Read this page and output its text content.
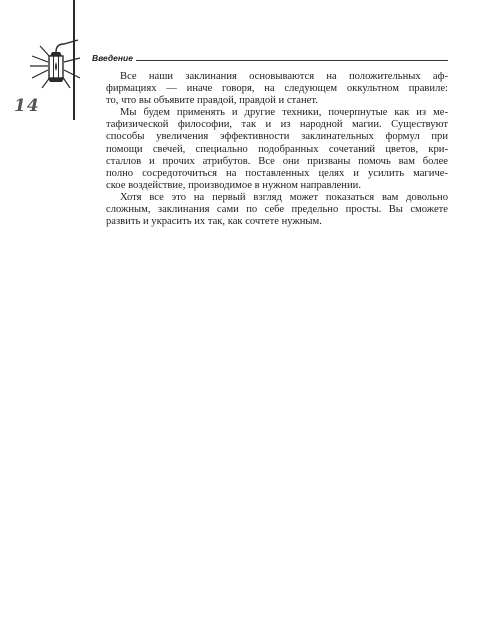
14
Введение
Все наши заклинания основываются на положительных аф-
фирмациях — иначе говоря, на следующем оккультном правиле:
то, что вы объявите правдой, правдой и станет.
Мы будем применять и другие техники, почерпнутые как из ме-
тафизической философии, так и из народной магии. Существуют
способы увеличения эффективности заклинательных формул при
помощи свечей, специально подобранных сочетаний цветов, кри-
сталлов и прочих атрибутов. Все они призваны помочь вам более
полно сосредоточиться на поставленных целях и усилить магиче-
ское воздействие, производимое в нужном направлении.
Хотя все это на первый взгляд может показаться вам довольно
сложным, заклинания сами по себе предельно просты. Вы сможете
развить и украсить их так, как сочтете нужным.
